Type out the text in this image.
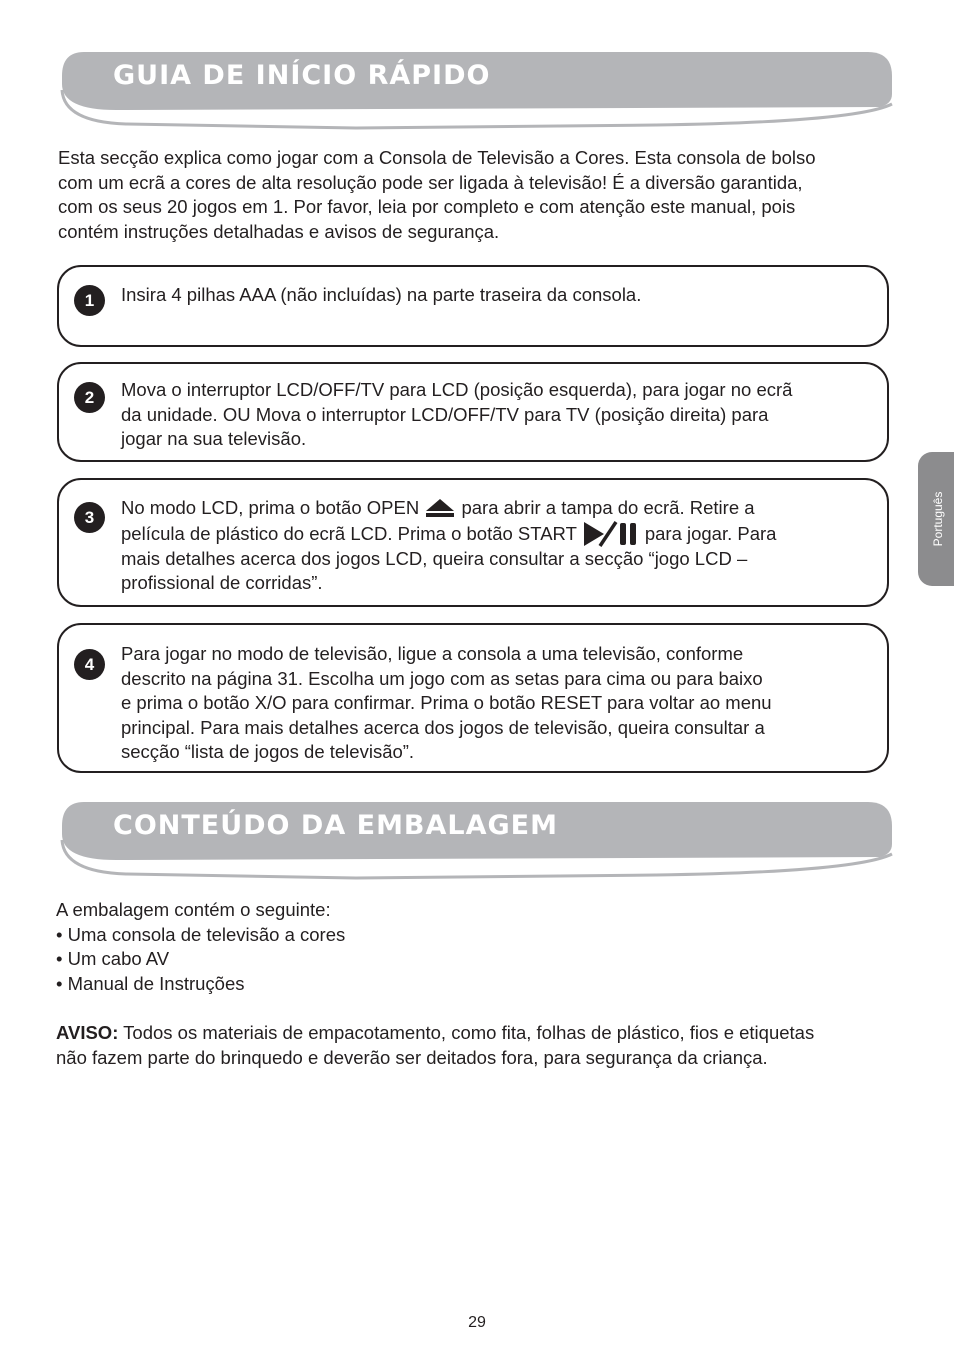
GUIA DE INÍCIO RÁPIDO
Esta secção explica como jogar com a Consola de Televisão a Cores. Esta consola de bolso
com um ecrã a cores de alta resolução pode ser ligada à televisão! É a diversão garantida,
com os seus 20 jogos em 1. Por favor, leia por completo e com atenção este manual, pois
contém instruções detalhadas e avisos de segurança.
1	Insira 4 pilhas AAA (não incluídas) na parte traseira da consola.
2	Mova o interruptor LCD/OFF/TV para LCD (posição esquerda), para jogar no ecrã
da unidade. OU Mova o interruptor LCD/OFF/TV para TV (posição direita) para
jogar na sua televisão.
3	No modo LCD, prima o botão OPEN para abrir a tampa do ecrã. Retire a
película de plástico do ecrã LCD. Prima o botão START	para jogar. Para
mais detalhes acerca dos jogos LCD, queira consultar a secção “jogo LCD –
profissional de corridas”.
4
Para jogar no modo de televisão, ligue a consola a uma televisão, conforme
descrito na página 31. Escolha um jogo com as setas para cima ou para baixo
e prima o botão X/O para confirmar. Prima o botão RESET para voltar ao menu
principal. Para mais detalhes acerca dos jogos de televisão, queira consultar a
secção “lista de jogos de televisão”.
CONTEÚDO DA EMBALAGEM
A embalagem contém o seguinte:
• Uma consola de televisão a cores
• Um cabo AV
• Manual de Instruções
AVISO: Todos os materiais de empacotamento, como fita, folhas de plástico, fios e etiquetas
não fazem parte do brinquedo e deverão ser deitados fora, para segurança da criança.
Português
29
